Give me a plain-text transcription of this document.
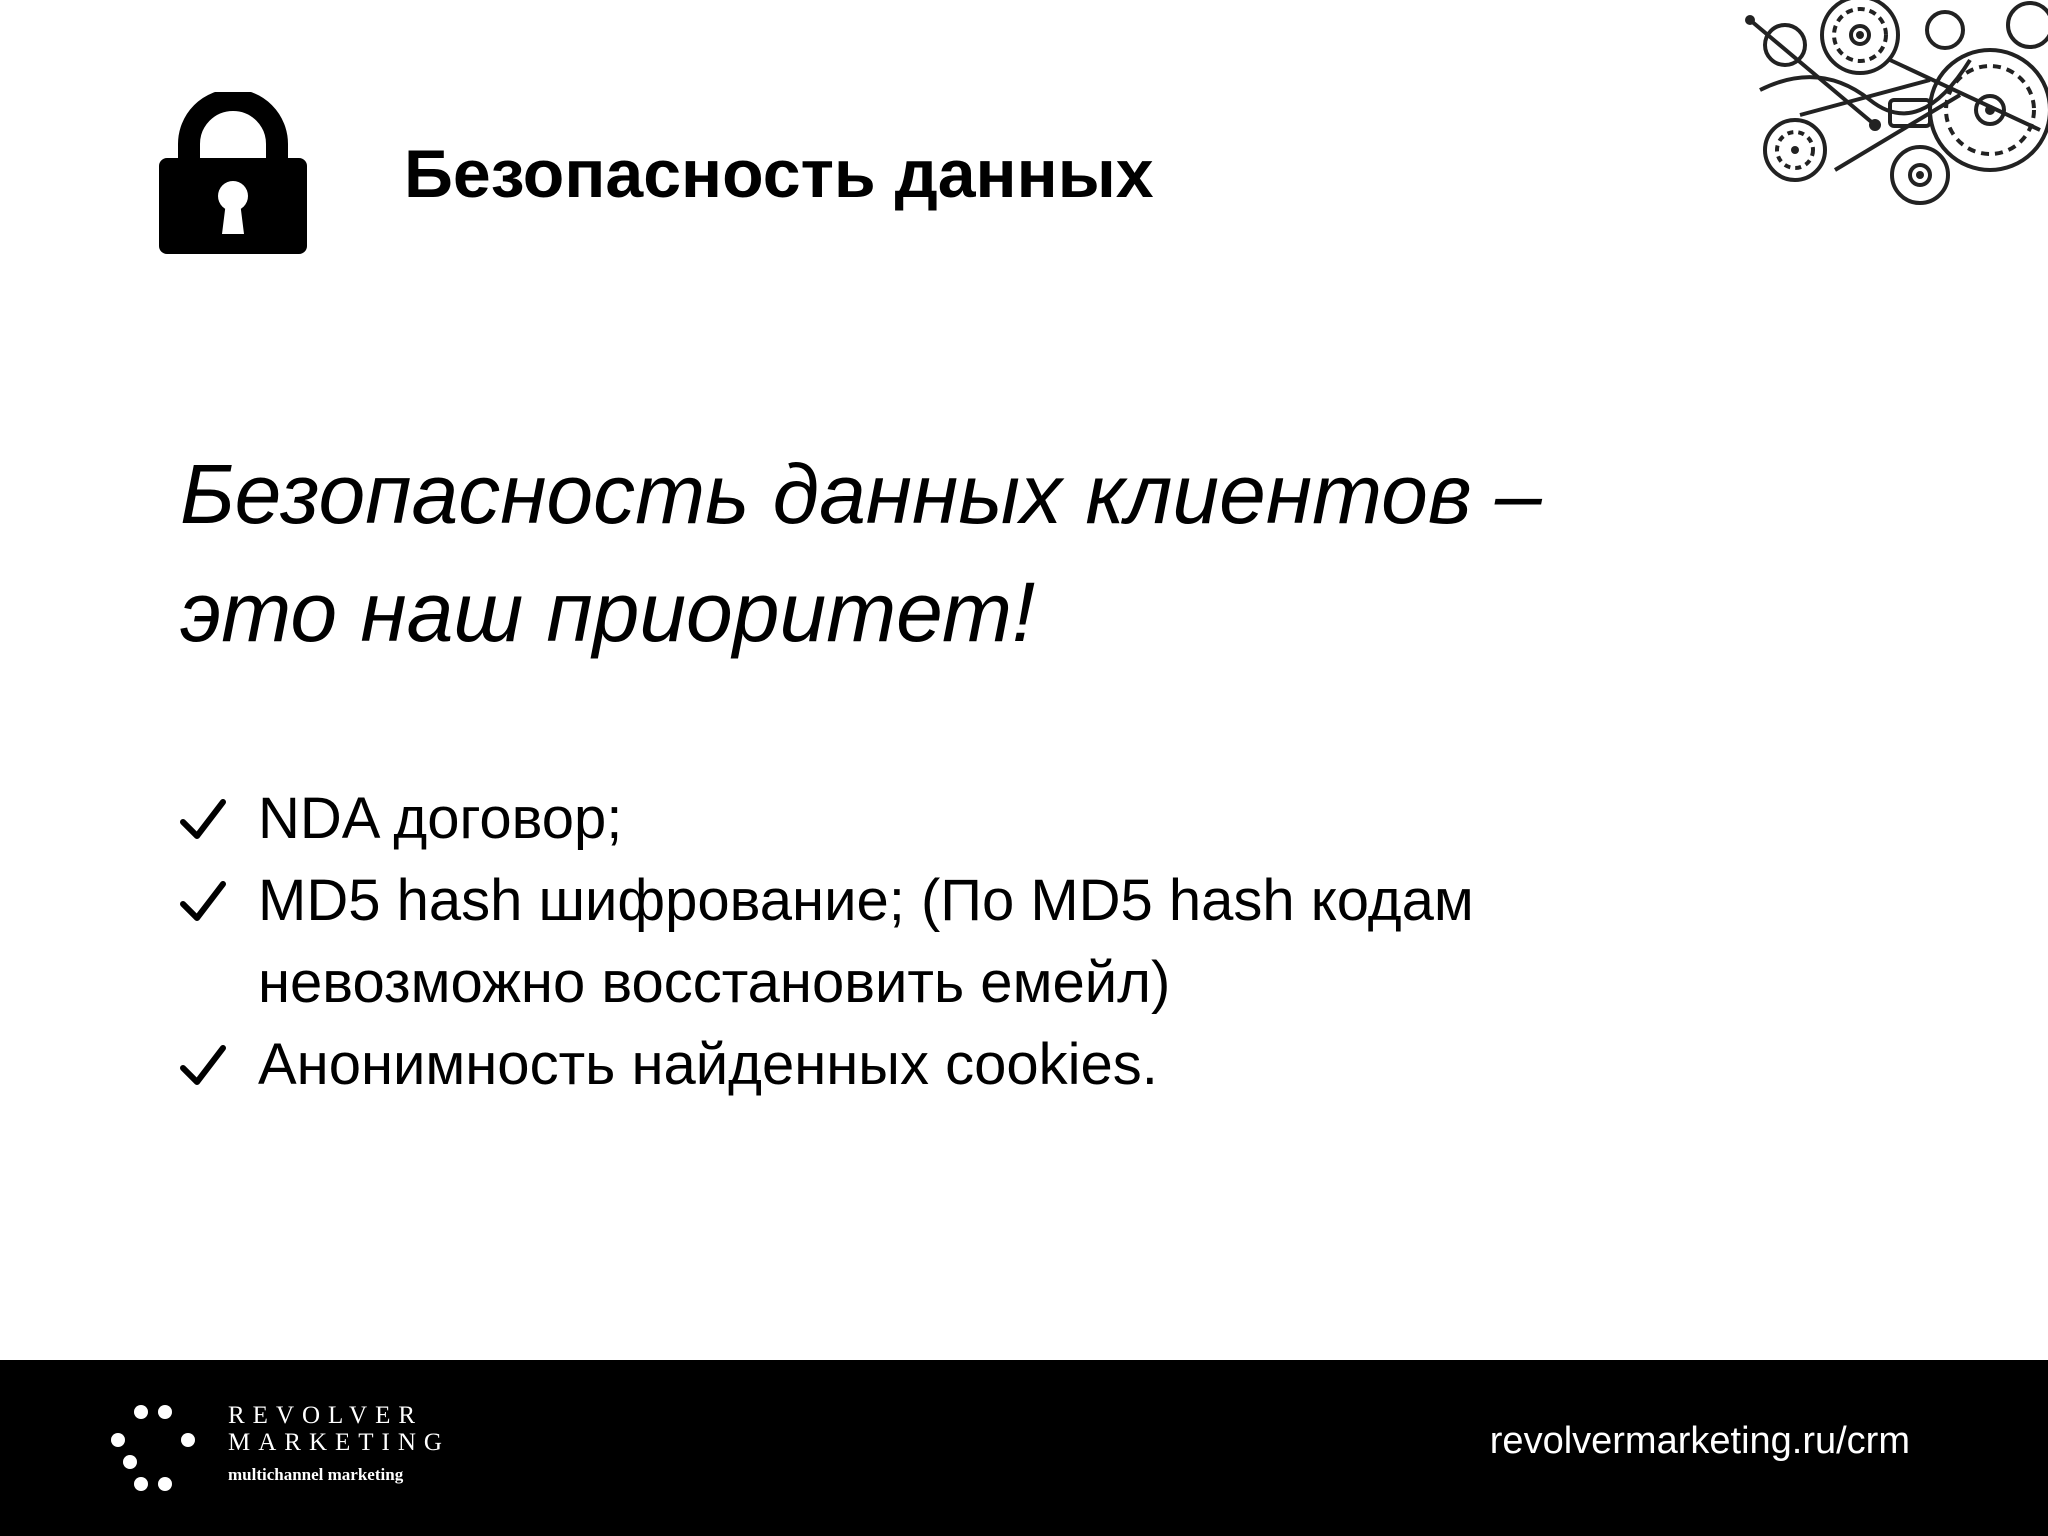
Безопасность данных
Безопасность данных клиентов –
это наш приоритет!
NDA договор;
MD5 hash шифрование; (По MD5 hash кодам
невозможно восстановить емейл)
Анонимность найденных cookies.
REVOLVER
MARKETING
multichannel marketing
revolvermarketing.ru/crm
